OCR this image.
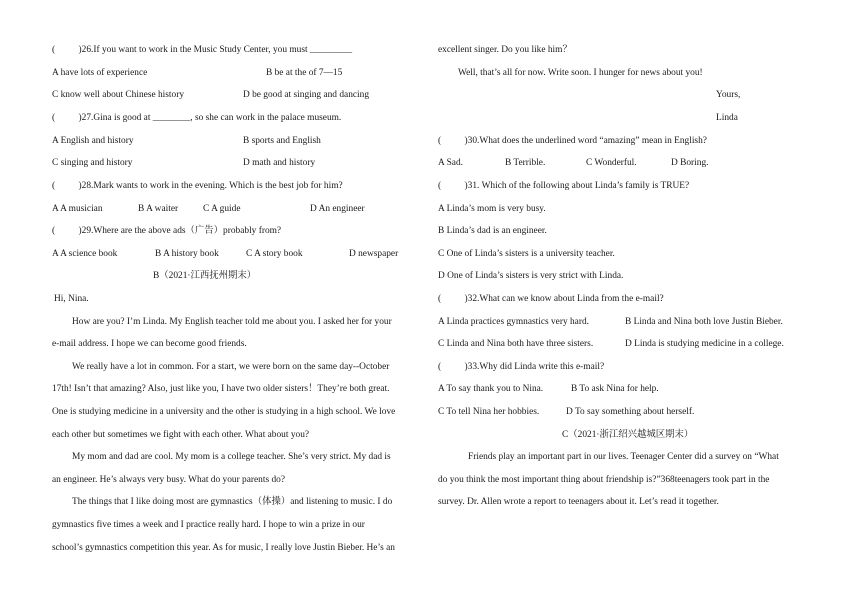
(          )26.If you want to work in the Music Study Center, you must _________
A have lots of experience	B be at the of 7—15
C know well about Chinese history	D be good at singing and dancing
(          )27.Gina is good at ________, so she can work in the palace museum.
A English and history	B sports and English
C singing and history	D math and history
(          )28.Mark wants to work in the evening. Which is the best job for him?
A A musician	B A waiter	C A guide	D An engineer
(          )29.Where are the above ads（广告）probably from?
A A science book	B A history book	C A story book	D newspaper
B（2021·江西抚州期末）
Hi, Nina.
How are you? I’m Linda. My English teacher told me about you. I asked her for your
e-mail address. I hope we can become good friends.
We really have a lot in common. For a start, we were born on the same day--October
17th! Isn’t that amazing? Also, just like you, I have two older sisters！They’re both great.
One is studying medicine in a university and the other is studying in a high school. We love
each other but sometimes we fight with each other. What about you?
My mom and dad are cool. My mom is a college teacher. She’s very strict. My dad is
an engineer. He’s always very busy. What do your parents do?
The things that I like doing most are gymnastics（体操）and listening to music. I do
gymnastics five times a week and I practice really hard. I hope to win a prize in our
school’s gymnastics competition this year. As for music, I really love Justin Bieber. He’s an
excellent singer. Do you like him？
Well, that’s all for now. Write soon. I hunger for news about you!
Yours,
Linda
(          )30.What does the underlined word “amazing” mean in English?
A Sad.	B Terrible.	C Wonderful.	D Boring.
(          )31. Which of the following about Linda’s family is TRUE?
A Linda’s mom is very busy.
B Linda’s dad is an engineer.
C One of Linda’s sisters is a university teacher.
D One of Linda’s sisters is very strict with Linda.
(          )32.What can we know about Linda from the e-mail?
A Linda practices gymnastics very hard.	B Linda and Nina both love Justin Bieber.
C Linda and Nina both have three sisters.	D Linda is studying medicine in a college.
(          )33.Why did Linda write this e-mail?
A To say thank you to Nina.	B To ask Nina for help.
C To tell Nina her hobbies.	D To say something about herself.
C（2021·浙江绍兴越城区期末）
Friends play an important part in our lives. Teenager Center did a survey on “What
do you think the most important thing about friendship is?”368teenagers took part in the
survey. Dr. Allen wrote a report to teenagers about it. Let’s read it together.
